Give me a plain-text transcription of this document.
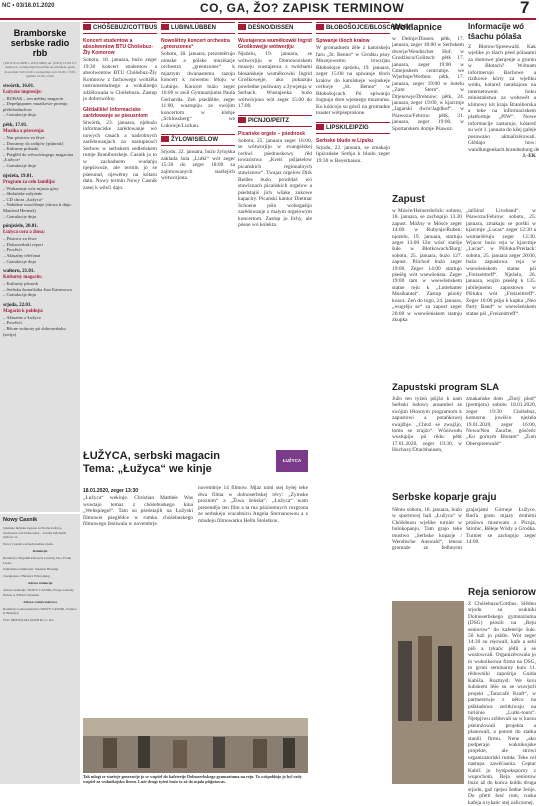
NC • 03/16.01.2020	CO, GA, ŽO? ZAPISK TERMINOW	7
Bramborske serbske radio rbb
(UKW 95,4 MHz a 100,4 MHz) tel. (0355) 14 99 171 mejlowy: wendisch@rbb-online.de póndźela–pjatk dopołdnja 5.00–9.00 a wótpołdnja wót 16.00–17.00, njeźelu 12.00–13.00
stwórtk, 16.01.
Łužyske impresije:
– BUBAK – ten mědny magacin
– Depešpipanec muzikowe prcenja plešehasłuchow
– Gratulacije dnja
pětk, 17.01.
Muzika a pówcenja:
– Nas póstrow za žiwe
– Dawanny do radijów (pśinosk)
– Kulturne pokazki
– Pśeglěd do wěswóringego magacina „Łužyca“
– Gratulacije dnja
njeźela, 19.01.
Program za celu familiju:
– Wukazanje wóz mjasto góry
– Słušańske zašyśeńe
– CD chora „Łužyca“
– Nabóźne wusćełanje (słowa k dnju: Manfred Hermaš)
– Gratulacije dnja
pónjeźele, 20.01.
Łužyca cora a źinsa:
– Póstrow za žiwe
– Dolnoserbski report
– Powěsći
– Aktualny telefonat
– Gratulacije dnja
wałtoru, 21.01.
Kulturny magacin:
– Kulturny pśinosk
– Serbska žurnalistka Juta Kaiserowa
– Gratulacije dnja
srjoda, 22.01.
Magacin k połdnju:
– Aktualne z Łužyce
– Powěsći
– Rěcne wobroty pó dolnoserbsku (serija)
Nowy Casnik
tyźenske łužyske łopjeno za Dolnu Łužycu, wudawane wót Domowiny – Zwězk łužyskich Serbow z.t.
Nowy Casnik wuchada kuždu srjodu.
Redakcija
Redakcija: Bogumił Petrasch, Ludwig Juro, Frank Lucka
Zamołwita redaktorka: Susanne Bruning
Zastupujuce: Hurtuwa Wincarjeng
Adresa redakcije
Adresa redakcije: NOWY CASNIK, Droga zachody Dolzie 4, 03044 Chośebuz
Adresa wudawaśelstwa
Redakcija wudawaśelstwa: NOWY CASNIK, Zasńow 6, Budyšyn
Ćišć: DREWO.DO GmbH & Co. KG
CHÓŠEBUZ/COTTBUS
Koncert studentow a absolwentow BTU Chóšebuz-Žły Komorow
Sobotu, 18. januara, buźo zeger 19:30 koncert studentow a absolwentow BTU Chóšebuz-Žły Komorow z fachowego wobźěla instrumentalnego a wokalnego zdźělowańa w Chóšebuzu. Zastup jo dobrowólny.
Glědalište! Informaciske zarědowanje se pśeusniom
Stwórtk, 23. januara, njebuźo informaciske zarědowanje wó nowych casach a nadrobnych zarědowanjach za nastupnosći Serbow w serbskem sedleńskem rumje Braniborskeje. Casnik jo to w zachadnem wudańju njepśiwuźe, ale termin jo se pśesunuł, njewěmy na kótaru datu. Nowy termin Nowy Casnik zasej k wěsći dajo.
LUBIN/LÜBBEN
Nowolětny koncert orchestra „greenzones“
Sobotu, 18. januara, prezentěrujo nimske a pólske muzikarje orchestra „greenzones“ k mjaztym dwanastemu razoju koncert k nowemu lětoju w Lubinje. Koncert buźo zeger 16:00 w awli Gymnazijuma Paula Gerhardta. Zeń pśedźěńe, zeger 11:00, wustupiju ze swójim koncertom w klubje „Schlossberg“ we Lukowje/Luckau.
ŽYLOW/SIELOW
Srjodu, 22. januara, buźo žylojska zaklada šula „Lutki“ wót zeger 15:30 do zeger 18:00 za zajimowanych staršejich wótworjona.
DEŚNO/DISSEN
Wustajenca wuměłcowki Ingrid Groškowejje wótworjiju
Njeźelu, 19. januara, se wótworjiju w Domowniskem muzeju wustajenca z twórbami błosańskeje wuměłcowki Ingrid Groškowejje, ako pokazuju powšedne pośiwany a žywjenja w Serbach. Wustajenka buźo wótwórjona wót zeger 15:00 do 17:00.
PICNJO/PEITZ
Picańske orgele – pśednosk
Sobotu, 25. januara zeger 16:00, se wótworjiju w evangelskej cerkwi pśednoskowy rěd towaristwa „Kreiś pśijaśelow picańskich regionalnych stawiznow“. Twajaz orgelow Dirk Redies buźo powědaś wó stawiznach picańskich orgelow a pśedstajiś jich wšake zukowe kapacity. Picański kantor Dietmar Schoene pśin wobogaśijo zarědowanje z malym orgelowym koncertom. Zastup jo lichy, ale pósoe wó kolekta.
BŁOBOŠOJCE/BLOSCHDORF
Spiwanje tšoch kralow
W gromadnem źěle z katolskeju faru „St. Benno“ w Grodku pśoy Muzejowemu towzrjau Błobošojce njeźelu, 19. januara, zeger 15:00 na spiwanje tšoch kralow do katolskeje wejnskeje cerkwje „St. Benno“ w Błobošojcach. Pó spiwanju žognuju dom wjesnego muzeuma. Ku kóńcoju su gósći na gromadne toaster wótpśeprošone.
LIPSK/LEIPZIG
Serbske bludo w Lipsku
Srjodu, 22. januara, se zmakaju lipścańske Serbja k bludo zeger 19:30 w Beyerhausu.
ŁUŽYCA, serbski magacin
Tema: „Łužyca“ we kinje
ŁUŽYCA
18.01.2020, zeger 13:30
„Łužyca“ wekinje. Christian Matthée Was wuwtajo temaz z chóśebuskego kina „Weltspiegel“. Tam su pśedstajili na Łužyski filmowei pśeglědce w rumku chóśebuskego filmowego festiwala w novembrje.
novembrje 14 filmow. Mjaz nimi stej byłej teke dwa filma w dolnoserbskej rěcy: „Zymske proznim“ a „Žiwa žeńska“. „Łužyca“ wam prezentějo ten film a ta ma pśiziomnych rozgrona ze serbskeju wucabnicu Angela Sternanowou a z mlodeju filmowarku Hellu Stoletkou.
Tak mlogi ze staršeje generacije jo se wupšeł do kafeterije Dolnoserbskego gymnaziuma na reju. To wótpołdnjo jo byl rady wupšeł za wuknikojsku firmu. Luźe drugi tyźeń buźo to až do mjala pśiģotowas.
Woklapnice
w Dešnje/Dissen: pětk, 17. januara, zeger 18:00 w Serbskem dworje/Wendischer Hof. w Grodźiscu/Gröitsch: pětk 17. januara, zeger 19:00 w Gmejnskem centrumje. we Wjerbnje/Werben: pětk, 17. januara, zeger 19:00 w hotelu „Zum Stern“. w Drjenowje/Drehnow: pětk, 24. januara, zeger 19:00, w kjarcmje „Jagarski dwór/Jagdhof“. w Pśawozu/Fehrow: pětk, 31. januara, zeger 19:00, w Sportarskem domje Pśawoz.
Informacije wó tšachu pólaša
Z Błotow/Spreewald. Kak wjelike jo tšach pśed pólasami za domowe plenjenje a gruntu w Błotach? Wótnam informeruju Bachowe a rizikowe kórty za wjeliku wódu, kótarež narakajosu na internetowem boku ministaństwa za wobswět a klimowy kit krajа Braniborska a teke na informaciskem platformje „PIW“. Nowe informacije zastarujo, kótarež su wót 1. januara do kšej galeje posuwano aktualizěrowali. Glědajo how: wandlungenkarlt.brandenburg.de
J.-EK
Zapust
w Mósće/Heinersbrück: sobotu, 18. januara, se zachopijo 13.30 zapust. Móžny w Mósće zeger 14:00. w Rubynje/Ruben: njeźelu, 19. januara, startuju zeger 13:00 Uhr wósť staršje šule. w Błotkowach/Burg: sobotu, 25. januara, buźo 127. zapust. Pśichod buźo zeger 19:00. Zeger 14:00 startujo pśeśěg wót wsewšeństa. Zeger 19:00 tam w wsewšeńskem statne reju k „Luttebatter Musikantei“. Zastup pśiońy koaca. Zeń do togo, 24. januara, „wugrěju se“ za zapust zeger 20:00 w wsewšeńskem statnju zkupka
„talSind Liveband“. w Pśawozu/Fehrow: sobotu, 25. januara, zmakaju se porški w kjarcmje „Lucas“ zeger 12:30 a wumaršěruju zeger 13:30. Wjacor buźo reja w kjarcmje „Lucas“. w Pšiluku/Preilack: sobotu, 25. januara zeger 20:00, buźo zapustowa reja w wsewšeńskem statne pśi „Freizeittreff“. Njeźelu, 26. januara, wujźo pśeśěg k 135. jubilejnemu zapustowu w Pšiluku wót „Freizeittreff“. Zeger 16:00 pśijo k kupka „Neo Party Band“ w wsewšeńskem statne pśi „Freizeittreff“.
Zapustski program SLA
Južo ten tyźeń pśijźo k nam Serbski ludowy ansambel ze swójim lětosnym programom k zapustowi a potańkowej swajźbje. „Chtož se zwajźjo, tomu se zrajźo“. Wóniwudu wustupiju pó rědu: pětk 17.01.2020, zeger 19:30, w Hochozy/Drachhausen, zmakańske dom „Zlotý plod“ (premjera) sobotu 18.01.2020, zeger 19:30 Chóšebuz, komornu jowišćo njeźela 19.01.2020, zeger 16:00, Nowa/Neu Zauche, gósćeńc „Ku gornym Błotam“ „Zum Oberspreewald“
Serbske koparje graju
Něnto sobotu, 18. januara, buźo w sportowej hali „Łužyca“ w Chóšebuzu wjelike turnier w bulokopanju. Tam grajo teke mustwo „Serbske koparje / Wendische Auswahl“, tenraz gromaźe ze fedhnymi grajarjami Górneje Łužyce. Buďa gratu mjazy druhimi prośiwo mustwam z Picnja, Strobic, Běłeje Wódy a Grodka. Turnier se zachopijo zeger 14:00.
Reja seniorow
Z Chóšebuza/Cottbus. Slědnu srjodu su wukniki Dolnoserbskego gymnaziuma (DSG) pśosili na „Reju seniorow“ do kafeterije šule. 50 luźi jo pśišło. Wót zeger 14:30 su rejowali, kafe a sebi piši a tykańc jědli a se wuslowcali. Organizěrowala jo to wukniksowa firma na DSG, to groni seminarny kurs 11. rědowniki zapośrija Guida Kabiša. Rozmyśl: We šoru šuliskem lěśe su se wuwjsrli projekt „Tanzcafé Kraft“, w partnerstwje z nětcu na pśikładowa zeritkiwaju na turiónie „Lutki-tours“. Njetpjrwu zrědovali su w kursu pśeimźowali projekta a planowali, a potom do statka stanili firmu. Nene „ako podperajo wuknikojske projekte, ale strowi organizatoriski rumła. Teke cel nastupa zawěćaania. Ceptar Kabiš jo bytśpoksporny z wupochom. Reja seniorow buźo až do kuńca kuldu druga srjodu, gaž njejsu žedne ferije. Do pfetti šesć rom, cuska kafeja a tykańc stej zaliczonej.
